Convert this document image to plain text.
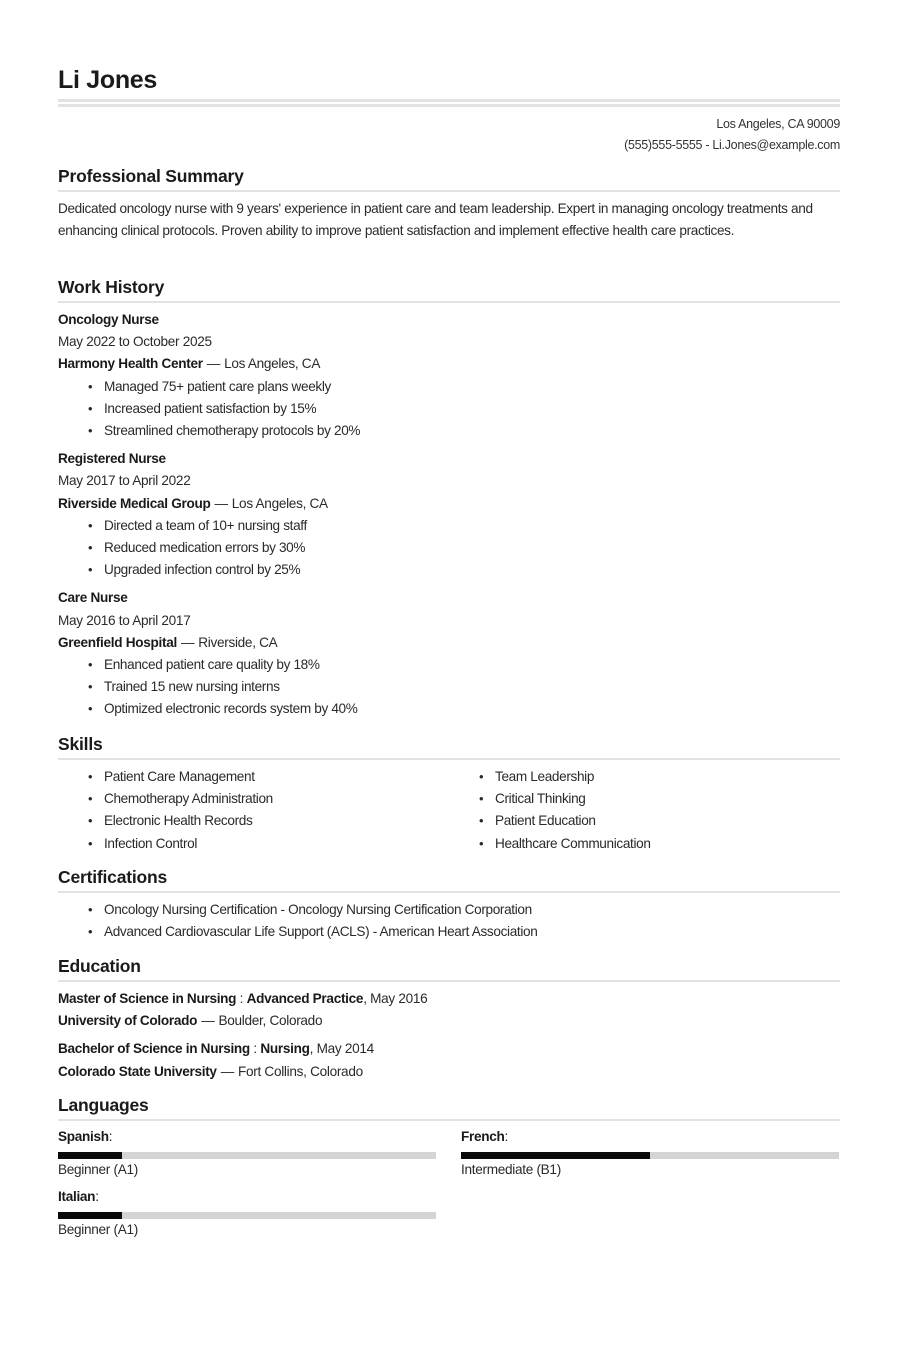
Li Jones
Los Angeles, CA 90009
(555)555-5555 - Li.Jones@example.com
Professional Summary
Dedicated oncology nurse with 9 years' experience in patient care and team leadership. Expert in managing oncology treatments and enhancing clinical protocols. Proven ability to improve patient satisfaction and implement effective health care practices.
Work History
Oncology Nurse
May 2022 to October 2025
Harmony Health Center — Los Angeles, CA
• Managed 75+ patient care plans weekly
• Increased patient satisfaction by 15%
• Streamlined chemotherapy protocols by 20%
Registered Nurse
May 2017 to April 2022
Riverside Medical Group — Los Angeles, CA
• Directed a team of 10+ nursing staff
• Reduced medication errors by 30%
• Upgraded infection control by 25%
Care Nurse
May 2016 to April 2017
Greenfield Hospital — Riverside, CA
• Enhanced patient care quality by 18%
• Trained 15 new nursing interns
• Optimized electronic records system by 40%
Skills
• Patient Care Management
• Chemotherapy Administration
• Electronic Health Records
• Infection Control
• Team Leadership
• Critical Thinking
• Patient Education
• Healthcare Communication
Certifications
• Oncology Nursing Certification - Oncology Nursing Certification Corporation
• Advanced Cardiovascular Life Support (ACLS) - American Heart Association
Education
Master of Science in Nursing : Advanced Practice, May 2016
University of Colorado — Boulder, Colorado
Bachelor of Science in Nursing : Nursing, May 2014
Colorado State University — Fort Collins, Colorado
Languages
Spanish:
Beginner (A1)
French:
Intermediate (B1)
Italian:
Beginner (A1)
